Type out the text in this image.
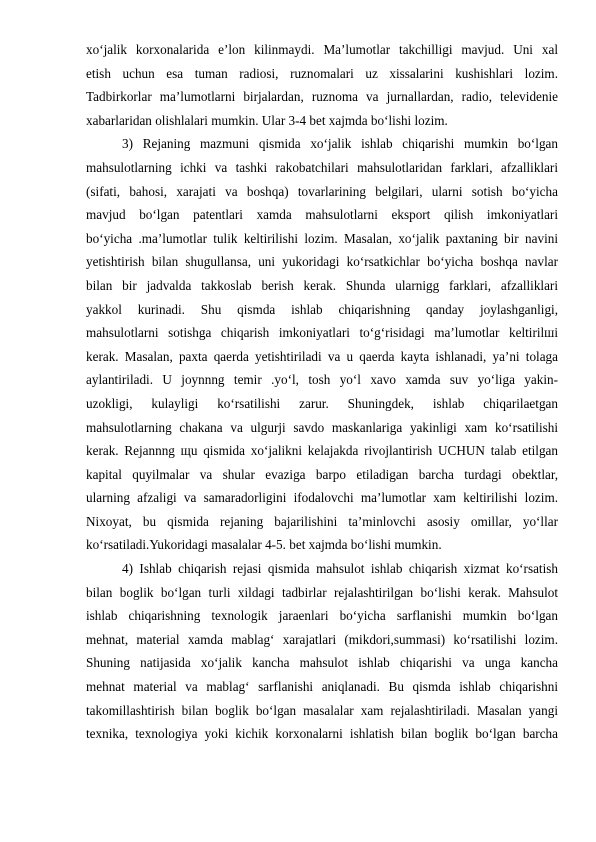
xo‘jalik korxonalarida e’lon kilinmaydi. Ma’lumotlar takchilligi mavjud. Uni xal
etish uchun esa tuman radiosi, ruznomalari uz xissalarini kushishlari lozim.
Tadbirkorlar ma’lumotlarni birjalardan, ruznoma va jurnallardan, radio, televidenie
xabarlaridan olishlalari mumkin. Ular 3-4 bet xajmda bo‘lishi lozim.
3) Rejaning mazmuni qismida xo‘jalik ishlab chiqarishi mumkin bo‘lgan
mahsulotlarning ichki va tashki rakobatchilari mahsulotlaridan farklari, afzalliklari
(sifati, bahosi, xarajati va boshqa) tovarlarining belgilari, ularni sotish bo‘yicha
mavjud bo‘lgan patentlari xamda mahsulotlarni eksport qilish imkoniyatlari
bo‘yicha .ma’lumotlar tulik keltirilishi lozim. Masalan, xo‘jalik paxtaning bir navini
yetishtirish bilan shugullansa, uni yukoridagi ko‘rsatkichlar bo‘yicha boshqa navlar
bilan bir jadvalda takkoslab berish kerak. Shunda ularnigg farklari, afzalliklari
yakkol kurinadi. Shu qismda ishlab chiqarishning qanday joylashganligi,
mahsulotlarni sotishga chiqarish imkoniyatlari to‘g‘risidagi ma’lumotlar keltirilші
kerak. Masalan, paxta qaerda yetishtiriladi va u qaerda kayta ishlanadi, ya’ni tolaga
aylantiriladi. U joynnng temir .yo‘l, tosh yo‘l xavo xamda suv yo‘liga yakin-
uzokligi, kulayligi ko‘rsatilishi zarur. Shuningdek, ishlab chiqarilaetgan
mahsulotlarning chakana va ulgurji savdo maskanlariga yakinligi xam ko‘rsatilishi
kerak. Rejannng щu qismida xo‘jalikni kelajakda rivojlantirish UCHUN talab etilgan
kapital quyilmalar va shular evaziga barpo etiladigan barcha turdagi obektlar,
ularning afzaligi va samaradorligini ifodalovchi ma’lumotlar xam keltirilishi lozim.
Nixoyat, bu qismida rejaning bajarilishini ta’minlovchi asosiy omillar, yo‘llar
ko‘rsatiladi.Yukoridagi masalalar 4-5. bet xajmda bo‘lishi mumkin.
4) Ishlab chiqarish rejasi qismida mahsulot ishlab chiqarish xizmat ko‘rsatish
bilan boglik bo‘lgan turli xildagi tadbirlar rejalashtirilgan bo‘lishi kerak. Mahsulot
ishlab chiqarishning texnologik jaraenlari bo‘yicha sarflanishi mumkin bo‘lgan
mehnat, material xamda mablag‘ xarajatlari (mikdori,summasi) ko‘rsatilishi lozim.
Shuning natijasida xo‘jalik kancha mahsulot ishlab chiqarishi va unga kancha
mehnat material va mablag‘ sarflanishi aniqlanadi. Bu qismda ishlab chiqarishni
takomillashtirish bilan boglik bo‘lgan masalalar xam rejalashtiriladi. Masalan yangi
texnika, texnologiya yoki kichik korxonalarni ishlatish bilan boglik bo‘lgan barcha
